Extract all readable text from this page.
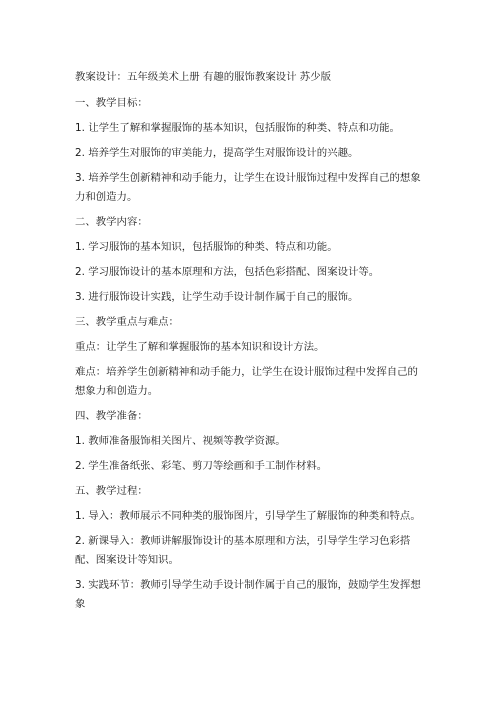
教案设计：五年级美术上册 有趣的服饰教案设计 苏少版
一、教学目标：
1. 让学生了解和掌握服饰的基本知识，包括服饰的种类、特点和功能。
2. 培养学生对服饰的审美能力，提高学生对服饰设计的兴趣。
3. 培养学生创新精神和动手能力，让学生在设计服饰过程中发挥自己的想象力和创造力。
二、教学内容：
1. 学习服饰的基本知识，包括服饰的种类、特点和功能。
2. 学习服饰设计的基本原理和方法，包括色彩搭配、图案设计等。
3. 进行服饰设计实践，让学生动手设计制作属于自己的服饰。
三、教学重点与难点：
重点：让学生了解和掌握服饰的基本知识和设计方法。
难点：培养学生创新精神和动手能力，让学生在设计服饰过程中发挥自己的想象力和创造力。
四、教学准备：
1. 教师准备服饰相关图片、视频等教学资源。
2. 学生准备纸张、彩笔、剪刀等绘画和手工制作材料。
五、教学过程：
1. 导入：教师展示不同种类的服饰图片，引导学生了解服饰的种类和特点。
2. 新课导入：教师讲解服饰设计的基本原理和方法，引导学生学习色彩搭配、图案设计等知识。
3. 实践环节：教师引导学生动手设计制作属于自己的服饰，鼓励学生发挥想象
